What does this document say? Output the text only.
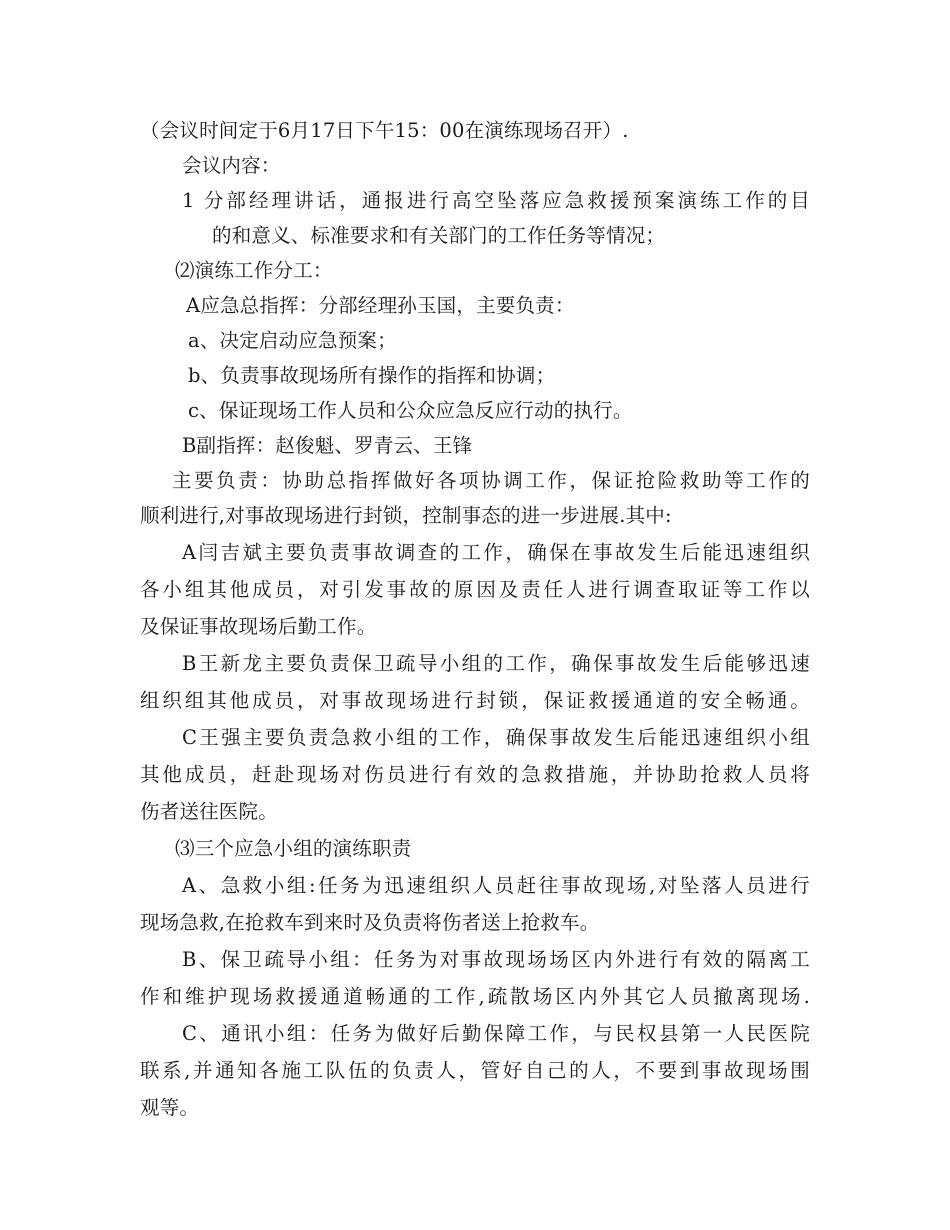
（会议时间定于6月17日下午15：00在演练现场召开）.
会议内容：
1 分部经理讲话，通报进行高空坠落应急救援预案演练工作的目
的和意义、标准要求和有关部门的工作任务等情况；
⑵演练工作分工：
A应急总指挥：分部经理孙玉国，主要负责：
a、决定启动应急预案；
b、负责事故现场所有操作的指挥和协调；
c、保证现场工作人员和公众应急反应行动的执行。
B副指挥：赵俊魁、罗青云、王锋
主要负责：协助总指挥做好各项协调工作，保证抢险救助等工作的
顺利进行,对事故现场进行封锁，控制事态的进一步进展.其中:
A闫吉斌主要负责事故调查的工作，确保在事故发生后能迅速组织
各小组其他成员，对引发事故的原因及责任人进行调查取证等工作以
及保证事故现场后勤工作。
B王新龙主要负责保卫疏导小组的工作，确保事故发生后能够迅速
组织组其他成员，对事故现场进行封锁，保证救援通道的安全畅通。
C王强主要负责急救小组的工作，确保事故发生后能迅速组织小组
其他成员，赶赴现场对伤员进行有效的急救措施，并协助抢救人员将
伤者送往医院。
⑶三个应急小组的演练职责
A、急救小组:任务为迅速组织人员赶往事故现场,对坠落人员进行
现场急救,在抢救车到来时及负责将伤者送上抢救车。
B、保卫疏导小组：任务为对事故现场场区内外进行有效的隔离工
作和维护现场救援通道畅通的工作,疏散场区内外其它人员撤离现场.
C、通讯小组：任务为做好后勤保障工作，与民权县第一人民医院
联系,并通知各施工队伍的负责人，管好自己的人，不要到事故现场围
观等。
